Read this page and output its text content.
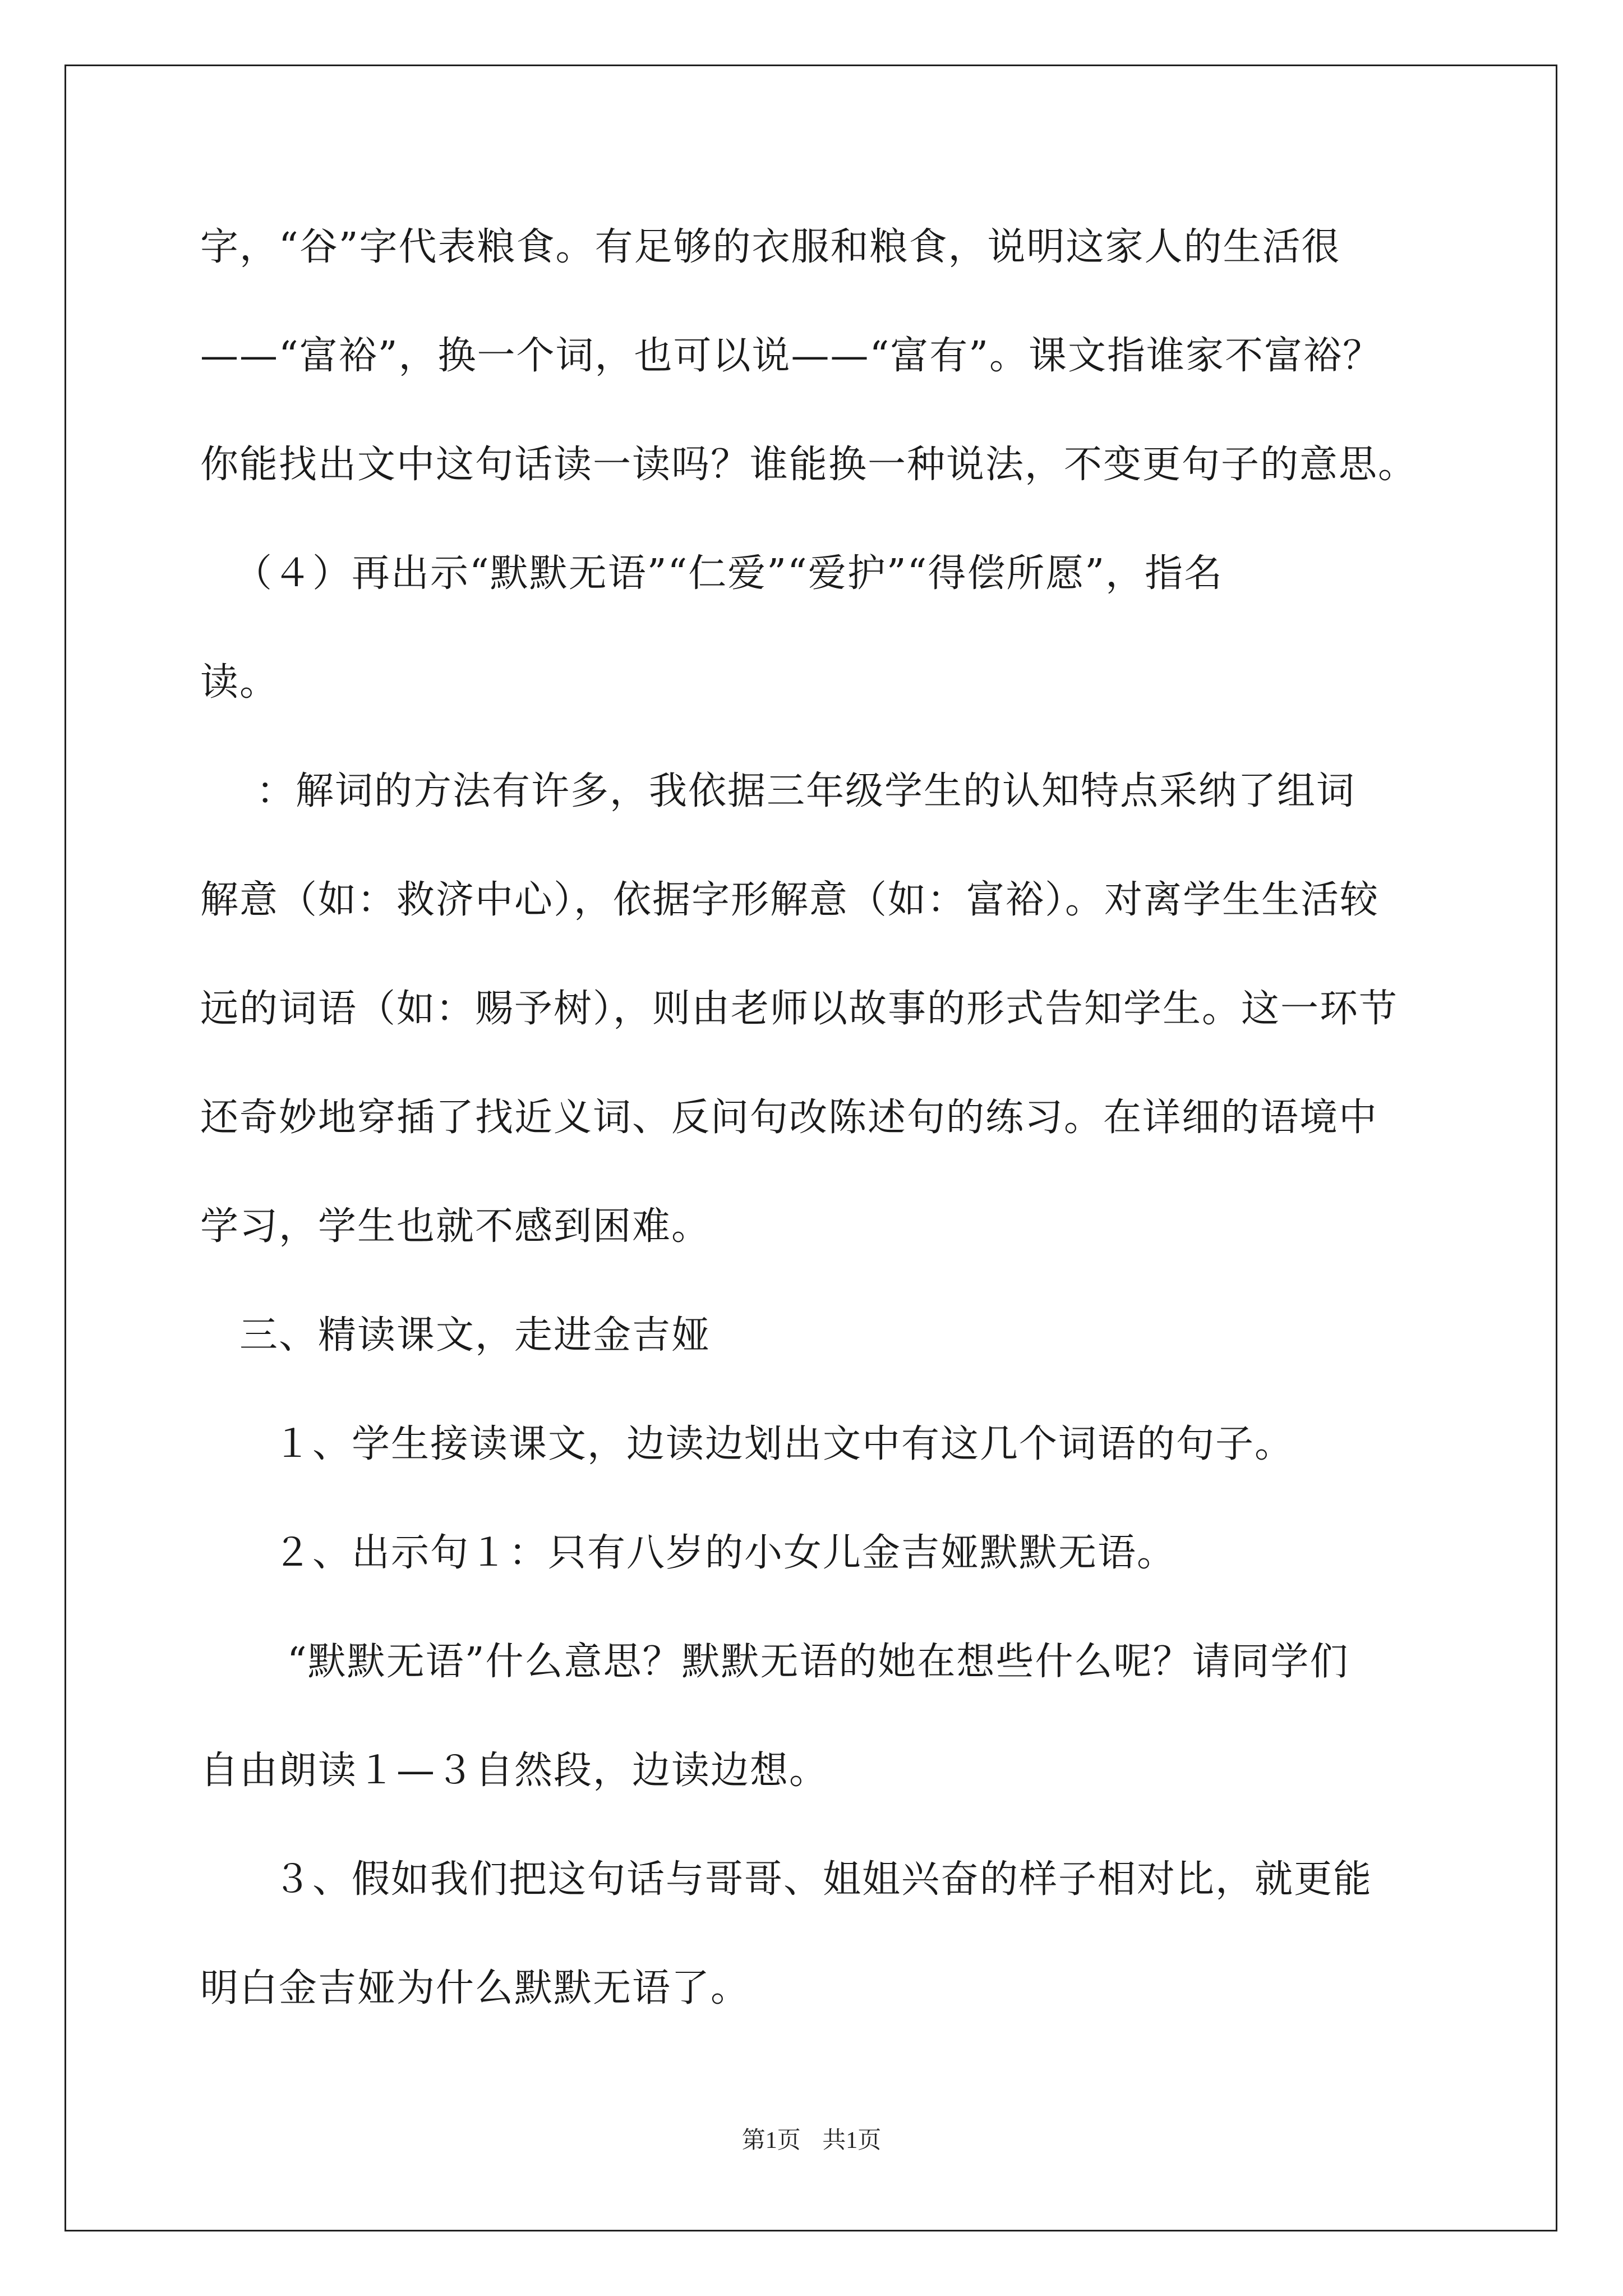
字，“谷”字代表粮食。有足够的衣服和粮食，说明这家人的生活很
——“富裕”，换一个词，也可以说——“富有”。课文指谁家不富裕？
你能找出文中这句话读一读吗？谁能换一种说法，不变更句子的意思。
（４）再出示“默默无语”“仁爱”“爱护”“得偿所愿”，指名
读。
：解词的方法有许多，我依据三年级学生的认知特点采纳了组词
解意（如：救济中心），依据字形解意（如：富裕）。对离学生生活较
远的词语（如：赐予树），则由老师以故事的形式告知学生。这一环节
还奇妙地穿插了找近义词、反问句改陈述句的练习。在详细的语境中
学习，学生也就不感到困难。
三、精读课文，走进金吉娅
１、学生接读课文，边读边划出文中有这几个词语的句子。
２、出示句１：只有八岁的小女儿金吉娅默默无语。
“默默无语”什么意思？默默无语的她在想些什么呢？请同学们
自由朗读１—３自然段，边读边想。
３、假如我们把这句话与哥哥、姐姐兴奋的样子相对比，就更能
明白金吉娅为什么默默无语了。
第1页 共1页
